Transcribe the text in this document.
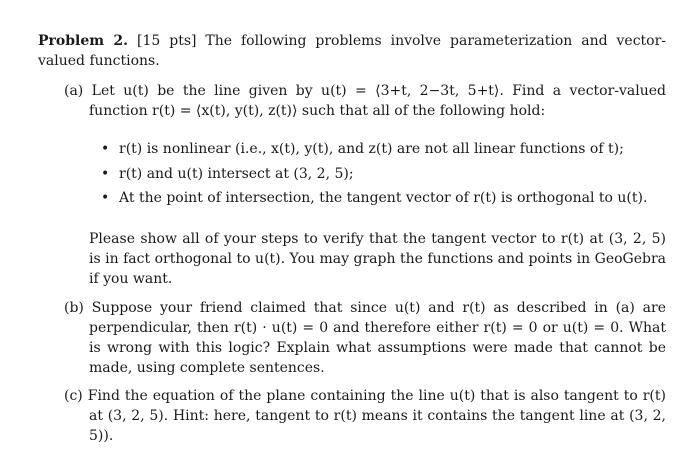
Problem 2. [15 pts] The following problems involve parameterization and vector-valued functions.
(a) Let u(t) be the line given by u(t) = ⟨3+t, 2−3t, 5+t⟩. Find a vector-valued function r(t) = ⟨x(t), y(t), z(t)⟩ such that all of the following hold:
• r(t) is nonlinear (i.e., x(t), y(t), and z(t) are not all linear functions of t);
• r(t) and u(t) intersect at (3, 2, 5);
• At the point of intersection, the tangent vector of r(t) is orthogonal to u(t).
Please show all of your steps to verify that the tangent vector to r(t) at (3, 2, 5) is in fact orthogonal to u(t). You may graph the functions and points in GeoGebra if you want.
(b) Suppose your friend claimed that since u(t) and r(t) as described in (a) are perpendicular, then r(t) · u(t) = 0 and therefore either r(t) = 0 or u(t) = 0. What is wrong with this logic? Explain what assumptions were made that cannot be made, using complete sentences.
(c) Find the equation of the plane containing the line u(t) that is also tangent to r(t) at (3, 2, 5). Hint: here, tangent to r(t) means it contains the tangent line at (3, 2, 5)).
